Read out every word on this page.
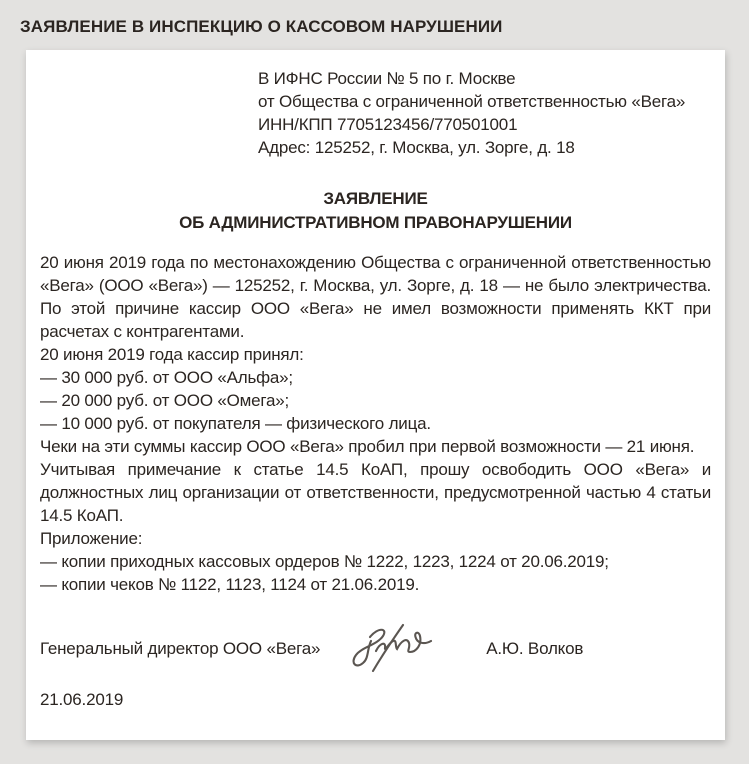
ЗАЯВЛЕНИЕ В ИНСПЕКЦИЮ О КАССОВОМ НАРУШЕНИИ
В ИФНС России № 5 по г. Москве
от Общества с ограниченной ответственностью «Вега»
ИНН/КПП 7705123456/770501001
Адрес: 125252, г. Москва, ул. Зорге, д. 18
ЗАЯВЛЕНИЕ
ОБ АДМИНИСТРАТИВНОМ ПРАВОНАРУШЕНИИ

20 июня 2019 года по местонахождению Общества с ограниченной ответственностью «Вега» (ООО «Вега») — 125252, г. Москва, ул. Зорге, д. 18 — не было электричества. По этой причине кассир ООО «Вега» не имел возможности применять ККТ при расчетах с контрагентами.

20 июня 2019 года кассир принял:

— 30 000 руб. от ООО «Альфа»;

— 20 000 руб. от ООО «Омега»;

— 10 000 руб. от покупателя — физического лица.

Чеки на эти суммы кассир ООО «Вега» пробил при первой возможности — 21 июня.

Учитывая примечание к статье 14.5 КоАП, прошу освободить ООО «Вега» и должностных лиц организации от ответственности, предусмотренной частью 4 статьи 14.5 КоАП.

Приложение:

— копии приходных кассовых ордеров № 1222, 1223, 1224 от 20.06.2019;

— копии чеков № 1122, 1123, 1124 от 21.06.2019.

Генеральный директор ООО «Вега»	А.Ю. Волков
21.06.2019
